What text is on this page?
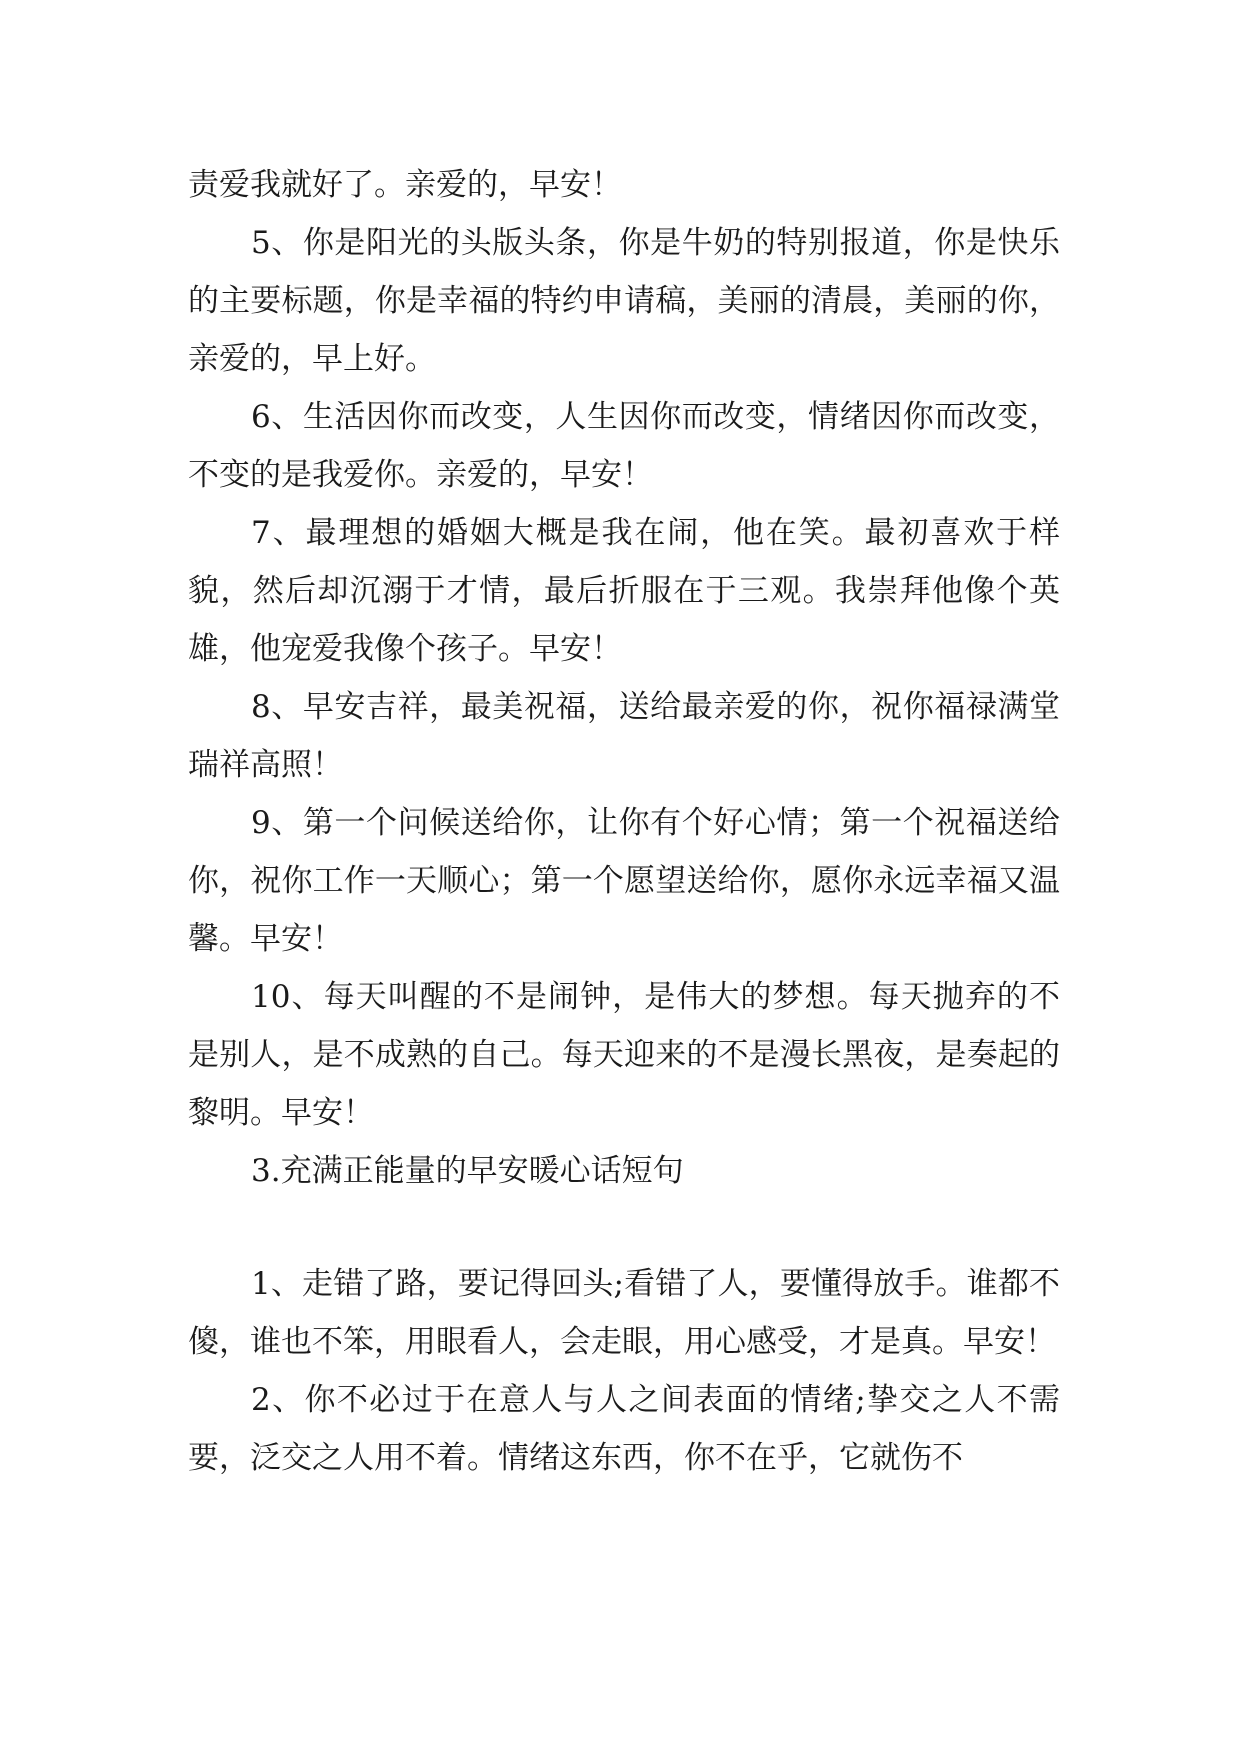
责爱我就好了。亲爱的，早安！

5、你是阳光的头版头条，你是牛奶的特别报道，你是快乐的主要标题，你是幸福的特约申请稿，美丽的清晨，美丽的你，亲爱的，早上好。

6、生活因你而改变，人生因你而改变，情绪因你而改变，不变的是我爱你。亲爱的，早安！

7、最理想的婚姻大概是我在闹，他在笑。最初喜欢于样貌，然后却沉溺于才情，最后折服在于三观。我崇拜他像个英雄，他宠爱我像个孩子。早安！

8、早安吉祥，最美祝福，送给最亲爱的你，祝你福禄满堂瑞祥高照！

9、第一个问候送给你，让你有个好心情；第一个祝福送给你，祝你工作一天顺心；第一个愿望送给你，愿你永远幸福又温馨。早安！

10、每天叫醒的不是闹钟，是伟大的梦想。每天抛弃的不是别人，是不成熟的自己。每天迎来的不是漫长黑夜，是奏起的黎明。早安！

3.充满正能量的早安暖心话短句

1、走错了路，要记得回头;看错了人，要懂得放手。谁都不傻，谁也不笨，用眼看人，会走眼，用心感受，才是真。早安！

2、你不必过于在意人与人之间表面的情绪;挚交之人不需要，泛交之人用不着。情绪这东西，你不在乎，它就伤不
